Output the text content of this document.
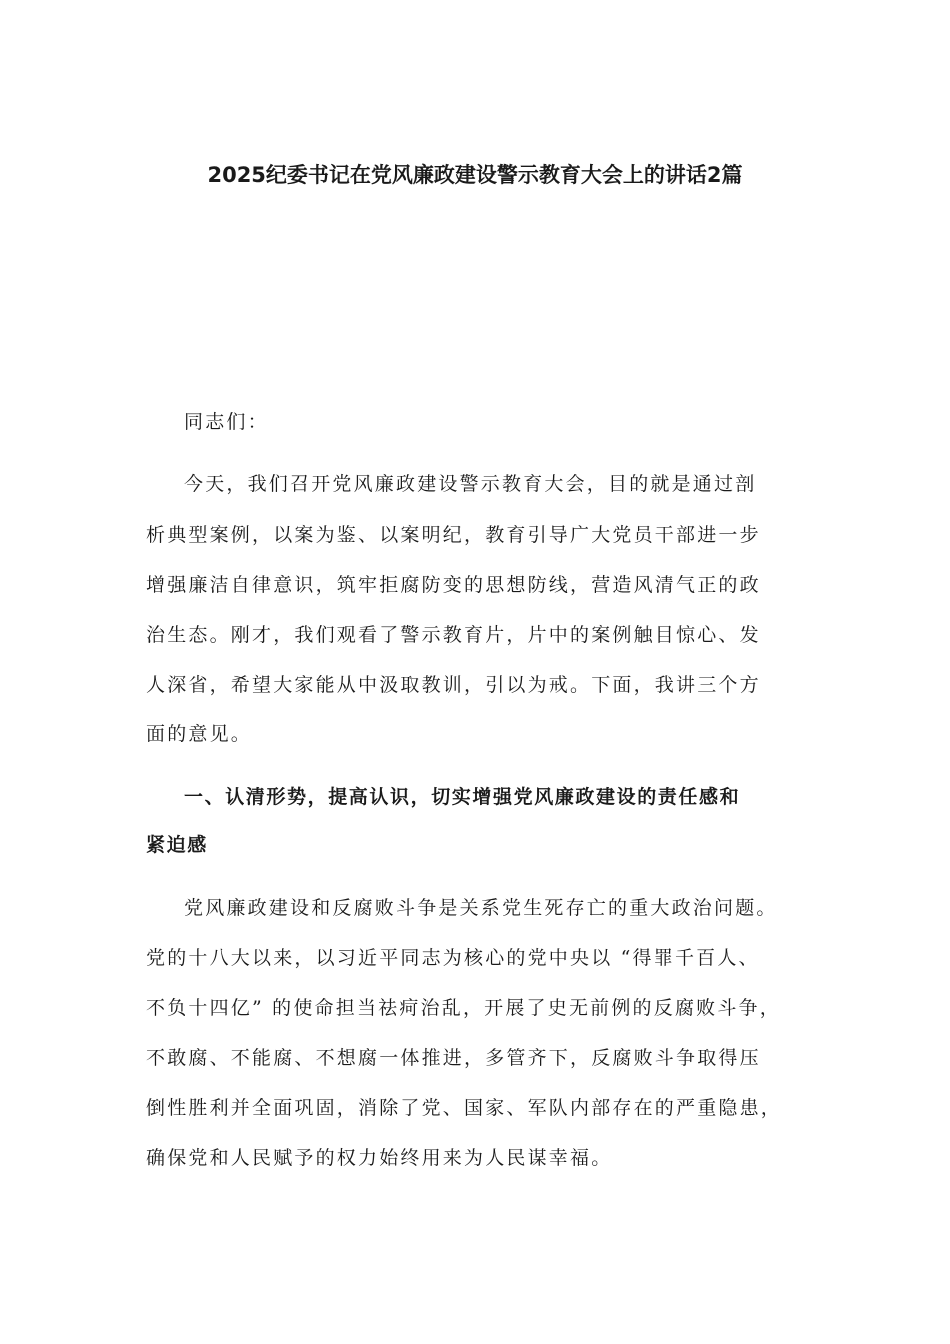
2025纪委书记在党风廉政建设警示教育大会上的讲话2篇
同志们：
今天，我们召开党风廉政建设警示教育大会，目的就是通过剖
析典型案例，以案为鉴、以案明纪，教育引导广大党员干部进一步
增强廉洁自律意识，筑牢拒腐防变的思想防线，营造风清气正的政
治生态。刚才，我们观看了警示教育片，片中的案例触目惊心、发
人深省，希望大家能从中汲取教训，引以为戒。下面，我讲三个方
面的意见。
一、认清形势，提高认识，切实增强党风廉政建设的责任感和
紧迫感
党风廉政建设和反腐败斗争是关系党生死存亡的重大政治问题。
党的十八大以来，以习近平同志为核心的党中央以 “得罪千百人、
不负十四亿” 的使命担当祛疴治乱，开展了史无前例的反腐败斗争，
不敢腐、不能腐、不想腐一体推进，多管齐下，反腐败斗争取得压
倒性胜利并全面巩固，消除了党、国家、军队内部存在的严重隐患，
确保党和人民赋予的权力始终用来为人民谋幸福。
